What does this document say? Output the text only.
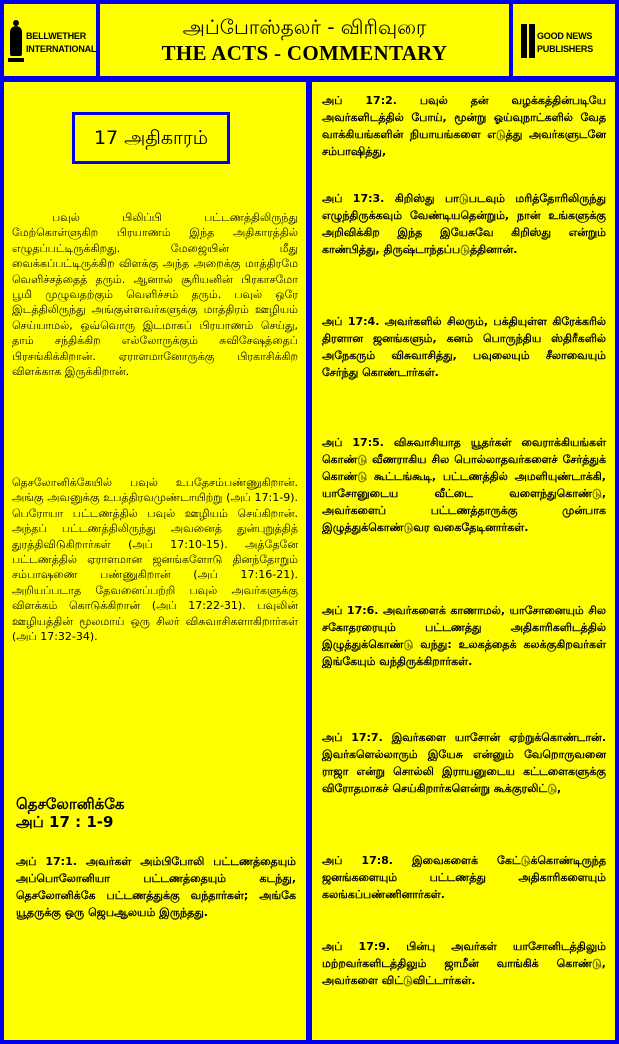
BELLWETHER
INTERNATIONAL
அப்போஸ்தலர் - விரிவுரை
THE ACTS - COMMENTARY
GOOD NEWS
PUBLISHERS
17 அதிகாரம்
பவுல் பிலிப்பி பட்டணத்திலிருந்து மேற்கொள்ளுகிற பிரயாணம் இந்த அதிகாரத்தில் எழுதப்பட்டிருக்கிறது. மேஜையின் மீது வைக்கப்பட்டிருக்கிற விளக்கு அந்த அறைக்கு மாத்திரமே வெளிச்சத்தைத் தரும். ஆனால் சூரியனின் பிரகாசமோ பூமி முழுவதற்கும் வெளிச்சம் தரும். பவுல் ஒரே இடத்திலிருந்து அங்குள்ளவர்களுக்கு மாத்திரம் ஊழியம் செய்யாமல், ஒவ்வொரு இடமாகப் பிரயாணம் செய்து, தாம் சந்திக்கிற எல்லோருக்கும் சுவிசேஷத்தைப் பிரசங்கிக்கிறான். ஏராளமானோருக்கு பிரகாசிக்கிற விளக்காக இருக்கிறான்.
தெசலோனிக்கேயில் பவுல் உபதேசம்பண்ணுகிறான். அங்கு அவனுக்கு உபத்திரவமுண்டாயிற்று (அப் 17:1-9). பெரோயா பட்டணத்தில் பவுல் ஊழியம் செய்கிறான். அந்தப் பட்டணத்திலிருந்து அவனைத் துன்புறுத்தித் துரத்திவிடுகிறார்கள் (அப் 17:10-15). அத்தேனே பட்டணத்தில் ஏராளமான ஜனங்களோடு தினந்தோறும் சம்பாஷணை பண்ணுகிறான் (அப் 17:16-21). அறியப்படாத தேவனைப்பற்றி பவுல் அவர்களுக்கு விளக்கம் கொடுக்கிறான் (அப் 17:22-31). பவுலின் ஊழியத்தின் மூலமாய் ஒரு சிலர் விசுவாசிகளாகிறார்கள் (அப் 17:32-34).
தெசலோனிக்கே
அப் 17 : 1-9
அப் 17:1. அவர்கள் அம்பிபோலி பட்டணத்தையும் அப்பொலோனியா பட்டணத்தையும் கடந்து, தெசலோனிக்கே பட்டணத்துக்கு வந்தார்கள்; அங்கே யூதருக்கு ஒரு ஜெபஆலயம் இருந்தது.
அப் 17:2. பவுல் தன் வழக்கத்தின்படியே அவர்களிடத்தில் போய், மூன்று ஓய்வுநாட்களில் வேத வாக்கியங்களின் நியாயங்களை எடுத்து அவர்களுடனே சம்பாஷித்து,
அப் 17:3. கிறிஸ்து பாடுபடவும் மரித்தோரிலிருந்து எழுந்திருக்கவும் வேண்டியதென்றும், நான் உங்களுக்கு அறிவிக்கிற இந்த இயேசுவே கிறிஸ்து என்றும் காண்பித்து, திருஷ்டாந்தப்படுத்தினான்.
அப் 17:4. அவர்களில் சிலரும், பக்தியுள்ள கிரேக்கரில் திரளான ஜனங்களும், கனம் பொருந்திய ஸ்திரீகளில் அநேகரும் விசுவாசித்து, பவுலையும் சீலாவையும் சேர்ந்து கொண்டார்கள்.
அப் 17:5. விசுவாசியாத யூதர்கள் வைராக்கியங்கள் கொண்டு வீணராகிய சில பொல்லாதவர்களைச் சேர்த்துக் கொண்டு கூட்டங்கூடி, பட்டணத்தில் அமளியுண்டாக்கி, யாசோனுடைய வீட்டை வளைந்துகொண்டு, அவர்களைப் பட்டணத்தாருக்கு முன்பாக இழுத்துக்கொண்டுவர வகைதேடினார்கள்.
அப் 17:6. அவர்களைக் காணாமல், யாசோனையும் சில சகோதரரையும் பட்டணத்து அதிகாரிகளிடத்தில் இழுத்துக்கொண்டு வந்து: உலகத்தைக் கலக்குகிறவர்கள் இங்கேயும் வந்திருக்கிறார்கள்.
அப் 17:7. இவர்களை யாசோன் ஏற்றுக்கொண்டான். இவர்களெல்லாரும் இயேசு என்னும் வேறொருவனை ராஜா என்று சொல்லி இராயனுடைய கட்டளைகளுக்கு விரோதமாகச் செய்கிறார்களென்று கூக்குரலிட்டு,
அப் 17:8. இவைகளைக் கேட்டுக்கொண்டிருந்த ஜனங்களையும் பட்டணத்து அதிகாரிகளையும் கலங்கப்பண்ணினார்கள்.
அப் 17:9. பின்பு அவர்கள் யாசோனிடத்திலும் மற்றவர்களிடத்திலும் ஜாமீன் வாங்கிக் கொண்டு, அவர்களை விட்டுவிட்டார்கள்.
